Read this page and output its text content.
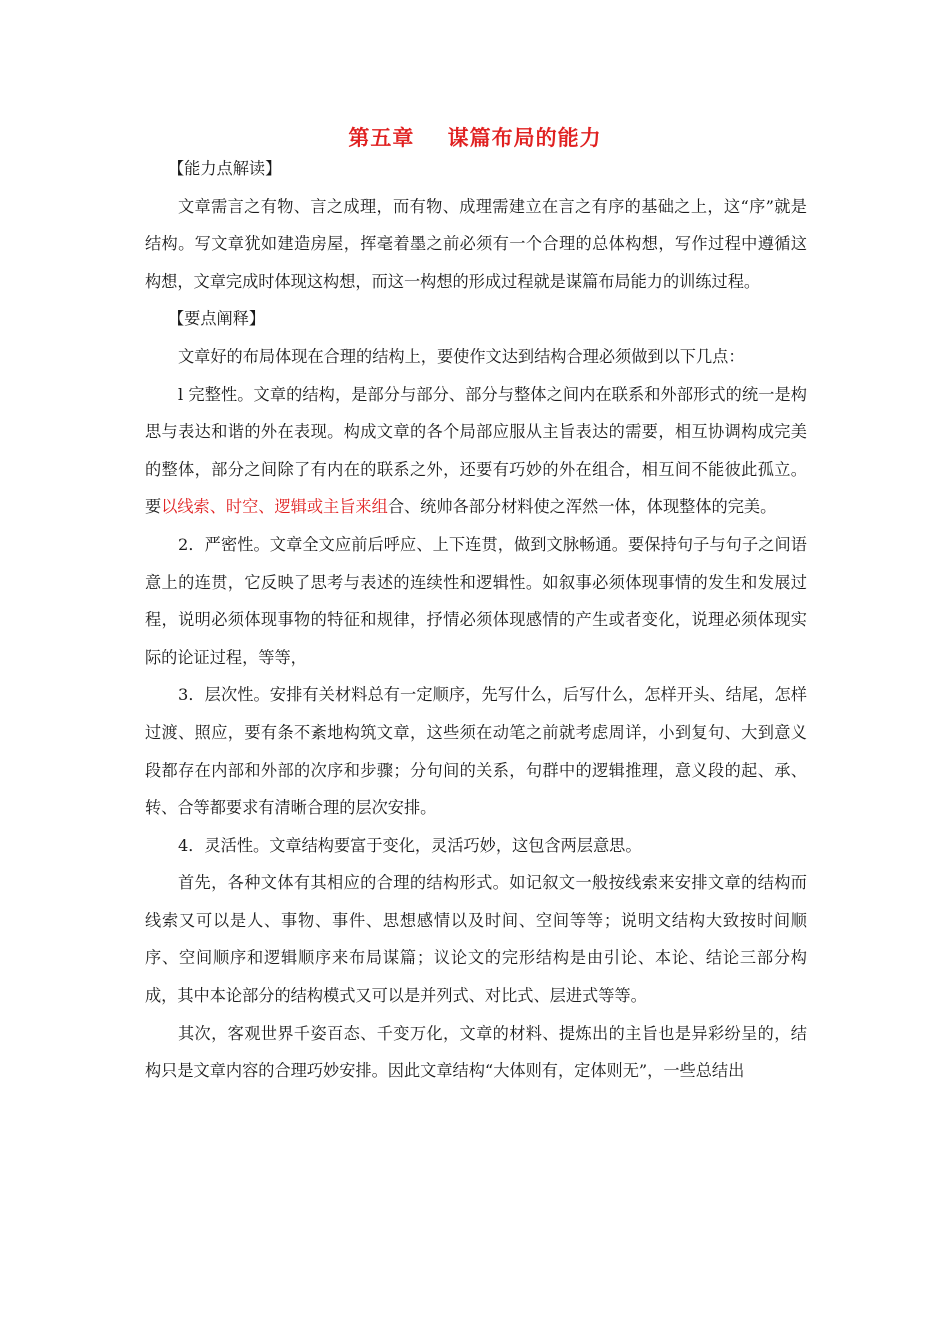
第五章    谋篇布局的能力

【能力点解读】

文章需言之有物、言之成理，而有物、成理需建立在言之有序的基础之上，这“序”就是结构。写文章犹如建造房屋，挥毫着墨之前必须有一个合理的总体构想，写作过程中遵循这构想，文章完成时体现这构想，而这一构想的形成过程就是谋篇布局能力的训练过程。

【要点阐释】

文章好的布局体现在合理的结构上，要使作文达到结构合理必须做到以下几点：

l 完整性。文章的结构，是部分与部分、部分与整体之间内在联系和外部形式的统一是构思与表达和谐的外在表现。构成文章的各个局部应服从主旨表达的需要，相互协调构成完美的整体，部分之间除了有内在的联系之外，还要有巧妙的外在组合，相互间不能彼此孤立。要以线索、时空、逻辑或主旨来组合、统帅各部分材料使之浑然一体，体现整体的完美。

2．严密性。文章全文应前后呼应、上下连贯，做到文脉畅通。要保持句子与句子之间语意上的连贯，它反映了思考与表述的连续性和逻辑性。如叙事必须体现事情的发生和发展过程，说明必须体现事物的特征和规律，抒情必须体现感情的产生或者变化，说理必须体现实际的论证过程，等等，

3．层次性。安排有关材料总有一定顺序，先写什么，后写什么，怎样开头、结尾，怎样过渡、照应，要有条不紊地构筑文章，这些须在动笔之前就考虑周详，小到复句、大到意义段都存在内部和外部的次序和步骤；分句间的关系，句群中的逻辑推理，意义段的起、承、转、合等都要求有清晰合理的层次安排。

4．灵活性。文章结构要富于变化，灵活巧妙，这包含两层意思。

首先，各种文体有其相应的合理的结构形式。如记叙文一般按线索来安排文章的结构而线索又可以是人、事物、事件、思想感情以及时间、空间等等；说明文结构大致按时间顺序、空间顺序和逻辑顺序来布局谋篇；议论文的完形结构是由引论、本论、结论三部分构成，其中本论部分的结构模式又可以是并列式、对比式、层进式等等。

其次，客观世界千姿百态、千变万化，文章的材料、提炼出的主旨也是异彩纷呈的，结构只是文章内容的合理巧妙安排。因此文章结构“大体则有，定体则无”，一些总结出
